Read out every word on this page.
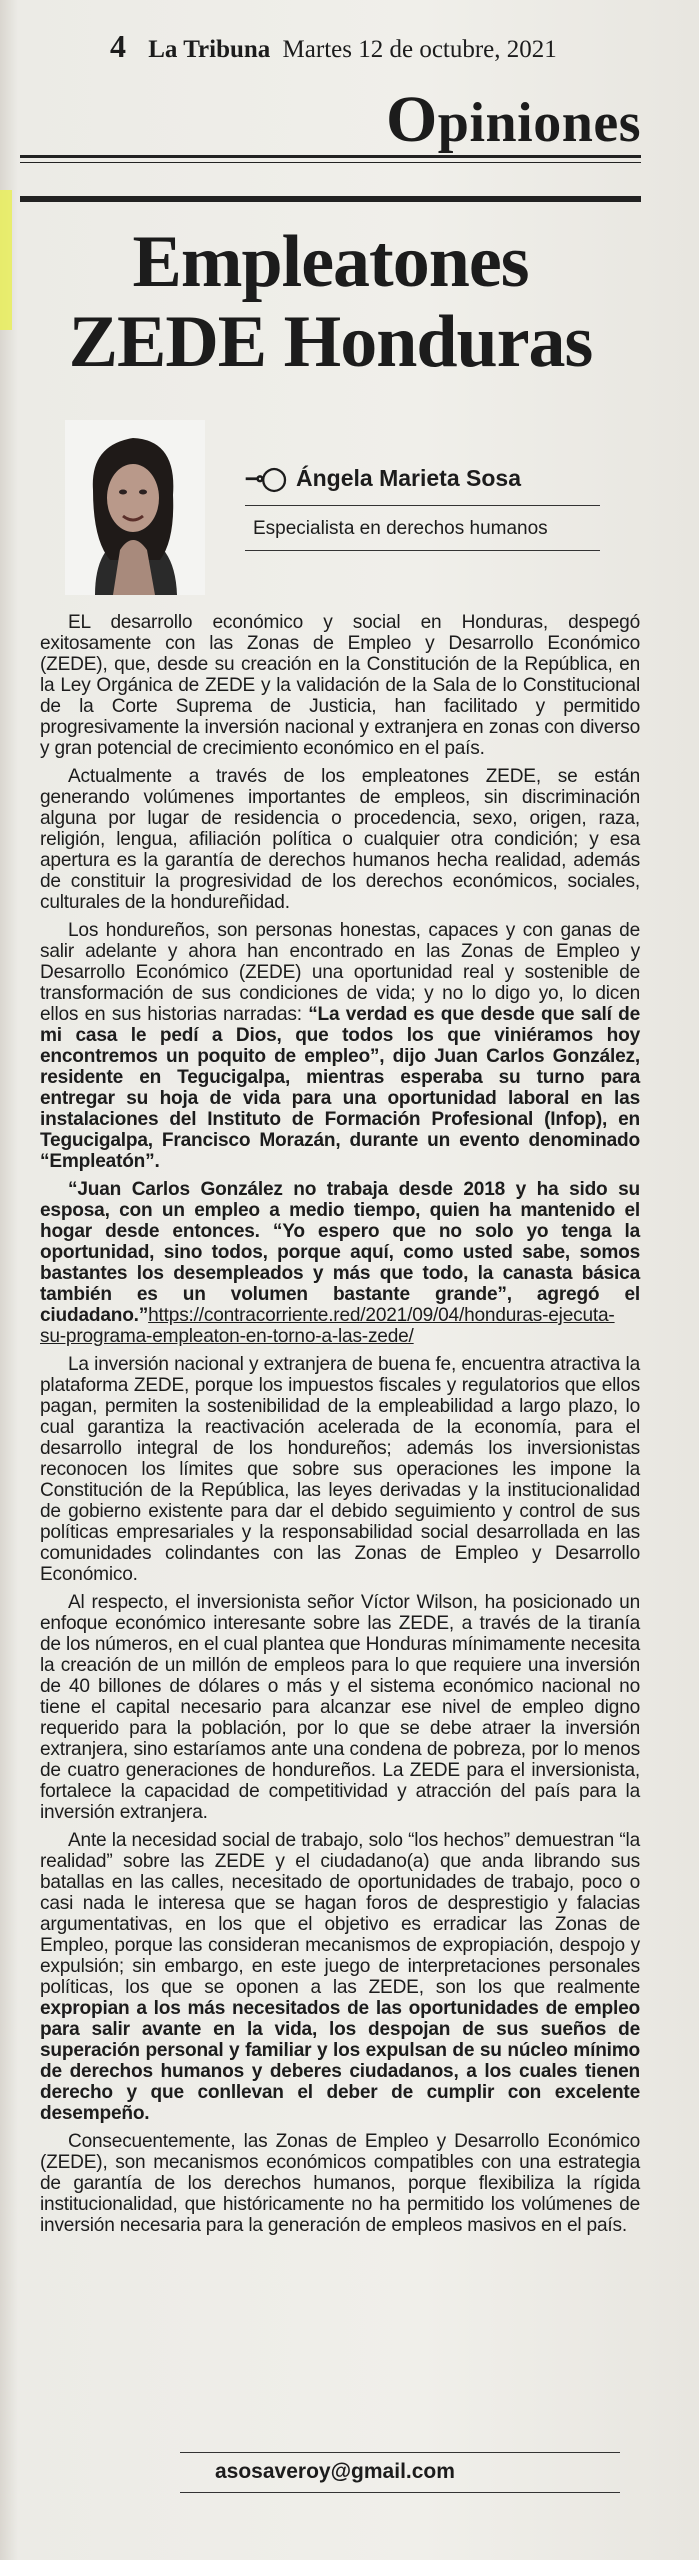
4 La Tribuna Martes 12 de octubre, 2021
Opiniones
Empleatones
ZEDE Honduras
⊸◯ Ángela Marieta Sosa
Especialista en derechos humanos

EL desarrollo económico y social en Honduras, despegó exitosamente con las Zonas de Empleo y Desarrollo Económico (ZEDE), que, desde su creación en la Constitución de la República, en la Ley Orgánica de ZEDE y la validación de la Sala de lo Constitucional de la Corte Suprema de Justicia, han facilitado y permitido progresivamente la inversión nacional y extranjera en zonas con diverso y gran potencial de crecimiento económico en el país.

Actualmente a través de los empleatones ZEDE, se están generando volúmenes importantes de empleos, sin discriminación alguna por lugar de residencia o procedencia, sexo, origen, raza, religión, lengua, afiliación política o cualquier otra condición; y esa apertura es la garantía de derechos humanos hecha realidad, además de constituir la progresividad de los derechos económicos, sociales, culturales de la hondureñidad.

Los hondureños, son personas honestas, capaces y con ganas de salir adelante y ahora han encontrado en las Zonas de Empleo y Desarrollo Económico (ZEDE) una oportunidad real y sostenible de transformación de sus condiciones de vida; y no lo digo yo, lo dicen ellos en sus historias narradas: “La verdad es que desde que salí de mi casa le pedí a Dios, que todos los que viniéramos hoy encontremos un poquito de empleo”, dijo Juan Carlos González, residente en Tegucigalpa, mientras esperaba su turno para entregar su hoja de vida para una oportunidad laboral en las instalaciones del Instituto de Formación Profesional (Infop), en Tegucigalpa, Francisco Morazán, durante un evento denominado “Empleatón”.

“Juan Carlos González no trabaja desde 2018 y ha sido su esposa, con un empleo a medio tiempo, quien ha mantenido el hogar desde entonces. “Yo espero que no solo yo tenga la oportunidad, sino todos, porque aquí, como usted sabe, somos bastantes los desempleados y más que todo, la canasta básica también es un volumen bastante grande”, agregó el ciudadano.”https://contracorriente.red/2021/09/04/honduras-ejecuta-su-programa-empleaton-en-torno-a-las-zede/

La inversión nacional y extranjera de buena fe, encuentra atractiva la plataforma ZEDE, porque los impuestos fiscales y regulatorios que ellos pagan, permiten la sostenibilidad de la empleabilidad a largo plazo, lo cual garantiza la reactivación acelerada de la economía, para el desarrollo integral de los hondureños; además los inversionistas reconocen los límites que sobre sus operaciones les impone la Constitución de la República, las leyes derivadas y la institucionalidad de gobierno existente para dar el debido seguimiento y control de sus políticas empresariales y la responsabilidad social desarrollada en las comunidades colindantes con las Zonas de Empleo y Desarrollo Económico.

Al respecto, el inversionista señor Víctor Wilson, ha posicionado un enfoque económico interesante sobre las ZEDE, a través de la tiranía de los números, en el cual plantea que Honduras mínimamente necesita la creación de un millón de empleos para lo que requiere una inversión de 40 billones de dólares o más y el sistema económico nacional no tiene el capital necesario para alcanzar ese nivel de empleo digno requerido para la población, por lo que se debe atraer la inversión extranjera, sino estaríamos ante una condena de pobreza, por lo menos de cuatro generaciones de hondureños. La ZEDE para el inversionista, fortalece la capacidad de competitividad y atracción del país para la inversión extranjera.

Ante la necesidad social de trabajo, solo “los hechos” demuestran “la realidad” sobre las ZEDE y el ciudadano(a) que anda librando sus batallas en las calles, necesitado de oportunidades de trabajo, poco o casi nada le interesa que se hagan foros de desprestigio y falacias argumentativas, en los que el objetivo es erradicar las Zonas de Empleo, porque las consideran mecanismos de expropiación, despojo y expulsión; sin embargo, en este juego de interpretaciones personales políticas, los que se oponen a las ZEDE, son los que realmente expropian a los más necesitados de las oportunidades de empleo para salir avante en la vida, los despojan de sus sueños de superación personal y familiar y los expulsan de su núcleo mínimo de derechos humanos y deberes ciudadanos, a los cuales tienen derecho y que conllevan el deber de cumplir con excelente desempeño.

Consecuentemente, las Zonas de Empleo y Desarrollo Económico (ZEDE), son mecanismos económicos compatibles con una estrategia de garantía de los derechos humanos, porque flexibiliza la rígida institucionalidad, que históricamente no ha permitido los volúmenes de inversión necesaria para la generación de empleos masivos en el país.

asosaveroy@gmail.com
